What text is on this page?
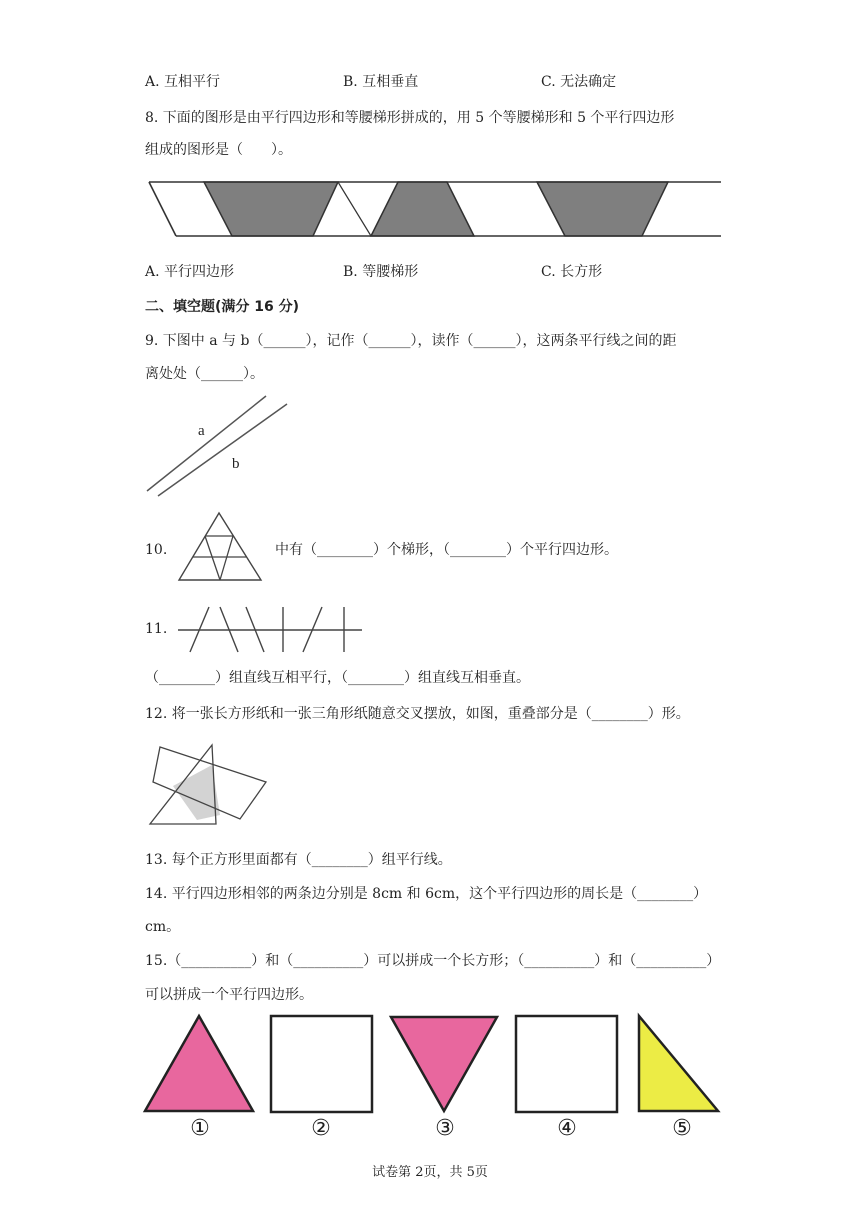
A. 互相平行	B. 互相垂直	C. 无法确定
8. 下面的图形是由平行四边形和等腰梯形拼成的，用 5 个等腰梯形和 5 个平行四边形
组成的图形是（　　）。
A. 平行四边形	B. 等腰梯形	C. 长方形
二、填空题(满分 16 分)
9. 下图中 a 与 b（______），记作（______），读作（______），这两条平行线之间的距
离处处（______）。
a
b
10.	中有（________）个梯形，（________）个平行四边形。
11.
（________）组直线互相平行，（________）组直线互相垂直。
12. 将一张长方形纸和一张三角形纸随意交叉摆放，如图，重叠部分是（________）形。
13. 每个正方形里面都有（________）组平行线。
14. 平行四边形相邻的两条边分别是 8cm 和 6cm，这个平行四边形的周长是（________）
cm。
15.（__________）和（__________）可以拼成一个长方形；（__________）和（__________）
可以拼成一个平行四边形。
①	②	③	④	⑤
试卷第 2页，共 5页
